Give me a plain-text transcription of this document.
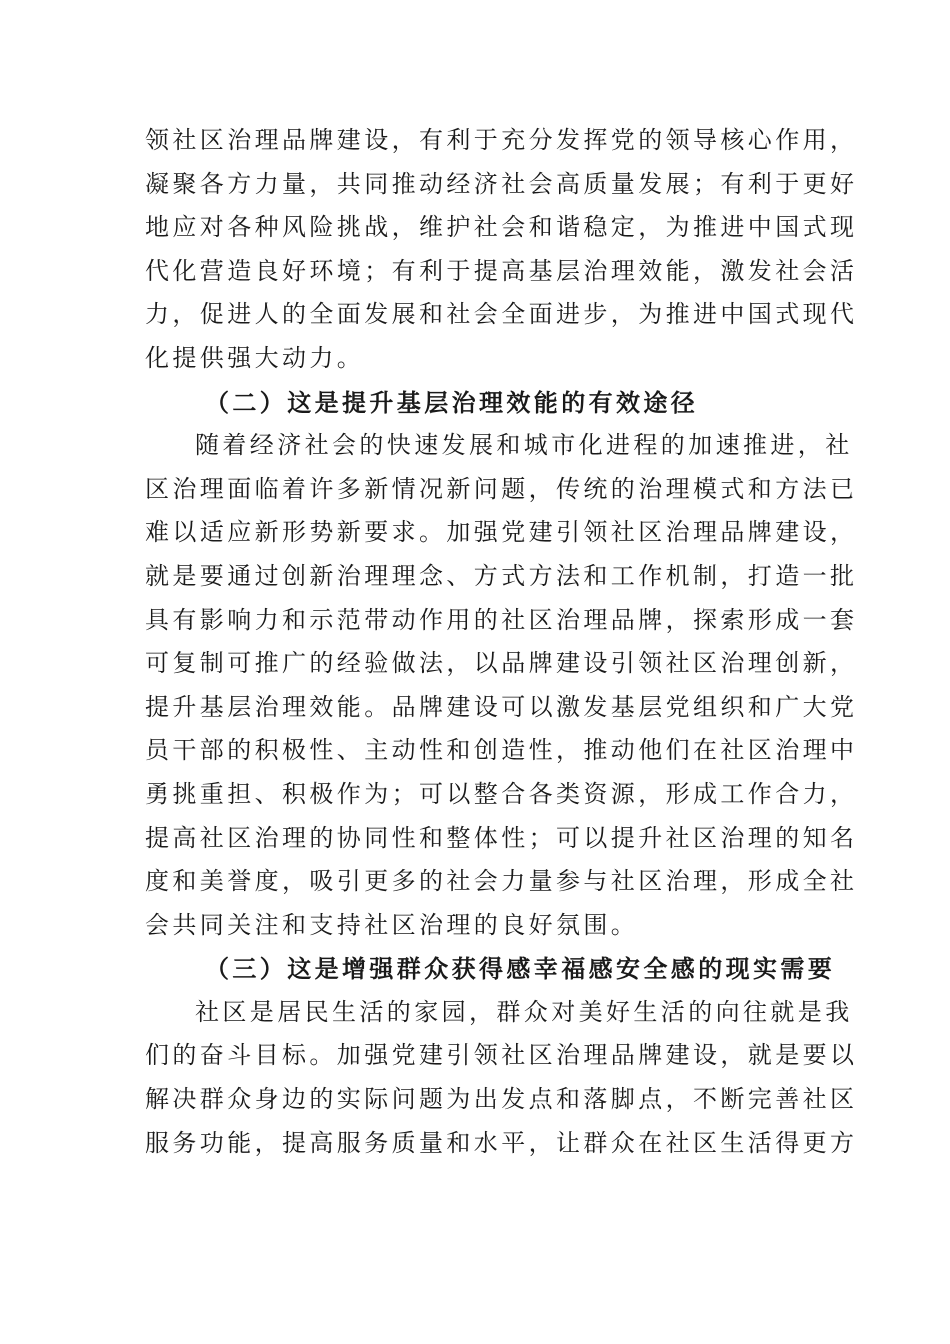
领社区治理品牌建设，有利于充分发挥党的领导核心作用，
凝聚各方力量，共同推动经济社会高质量发展；有利于更好
地应对各种风险挑战，维护社会和谐稳定，为推进中国式现
代化营造良好环境；有利于提高基层治理效能，激发社会活
力，促进人的全面发展和社会全面进步，为推进中国式现代
化提供强大动力。
（二）这是提升基层治理效能的有效途径
随着经济社会的快速发展和城市化进程的加速推进，社
区治理面临着许多新情况新问题，传统的治理模式和方法已
难以适应新形势新要求。加强党建引领社区治理品牌建设，
就是要通过创新治理理念、方式方法和工作机制，打造一批
具有影响力和示范带动作用的社区治理品牌，探索形成一套
可复制可推广的经验做法，以品牌建设引领社区治理创新，
提升基层治理效能。品牌建设可以激发基层党组织和广大党
员干部的积极性、主动性和创造性，推动他们在社区治理中
勇挑重担、积极作为；可以整合各类资源，形成工作合力，
提高社区治理的协同性和整体性；可以提升社区治理的知名
度和美誉度，吸引更多的社会力量参与社区治理，形成全社
会共同关注和支持社区治理的良好氛围。
（三）这是增强群众获得感幸福感安全感的现实需要
社区是居民生活的家园，群众对美好生活的向往就是我
们的奋斗目标。加强党建引领社区治理品牌建设，就是要以
解决群众身边的实际问题为出发点和落脚点，不断完善社区
服务功能，提高服务质量和水平，让群众在社区生活得更方
